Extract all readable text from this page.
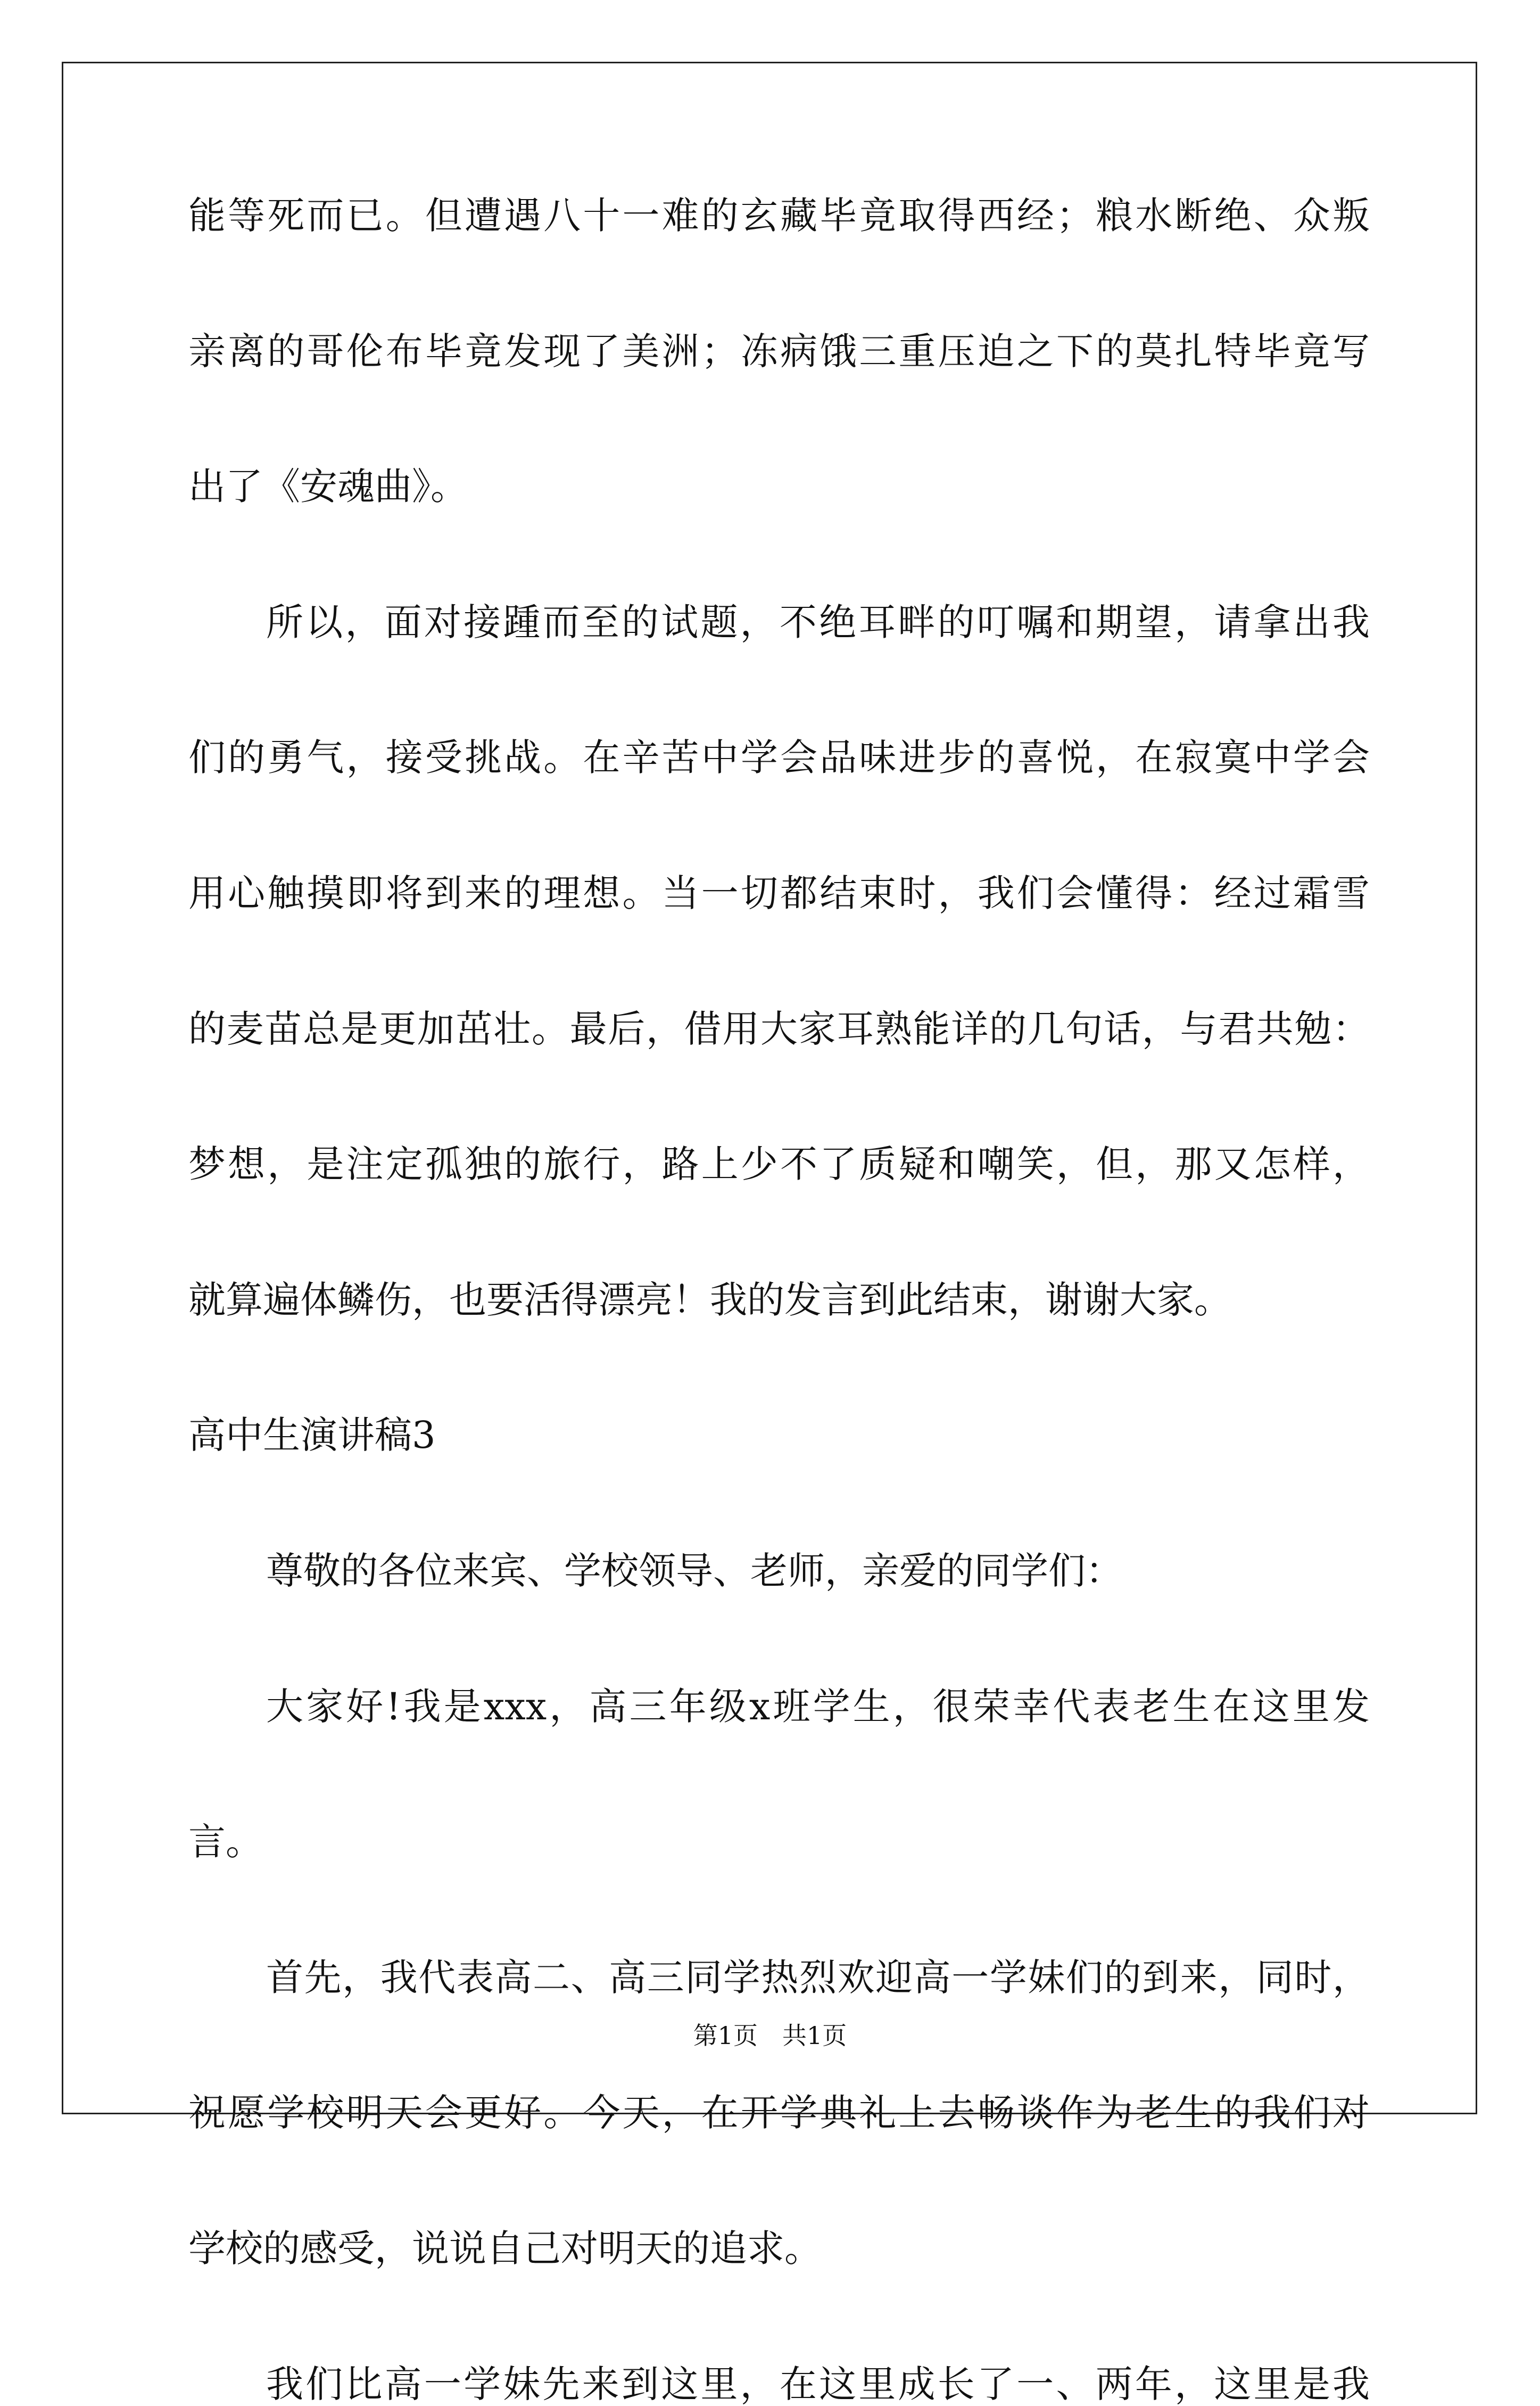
能等死而已。但遭遇八十一难的玄藏毕竟取得西经；粮水断绝、众叛
亲离的哥伦布毕竟发现了美洲；冻病饿三重压迫之下的莫扎特毕竟写
出了《安魂曲》。
所以，面对接踵而至的试题，不绝耳畔的叮嘱和期望，请拿出我
们的勇气，接受挑战。在辛苦中学会品味进步的喜悦，在寂寞中学会
用心触摸即将到来的理想。当一切都结束时，我们会懂得：经过霜雪
的麦苗总是更加茁壮。最后，借用大家耳熟能详的几句话，与君共勉：
梦想，是注定孤独的旅行，路上少不了质疑和嘲笑，但，那又怎样，
就算遍体鳞伤，也要活得漂亮！我的发言到此结束，谢谢大家。
高中生演讲稿3
尊敬的各位来宾、学校领导、老师，亲爱的同学们：
大家好!我是xxx，高三年级x班学生，很荣幸代表老生在这里发
言。
首先，我代表高二、高三同学热烈欢迎高一学妹们的到来，同时，
祝愿学校明天会更好。今天，在开学典礼上去畅谈作为老生的我们对
学校的感受，说说自己对明天的追求。
我们比高一学妹先来到这里，在这里成长了一、两年，这里是我
第1页　共1页
